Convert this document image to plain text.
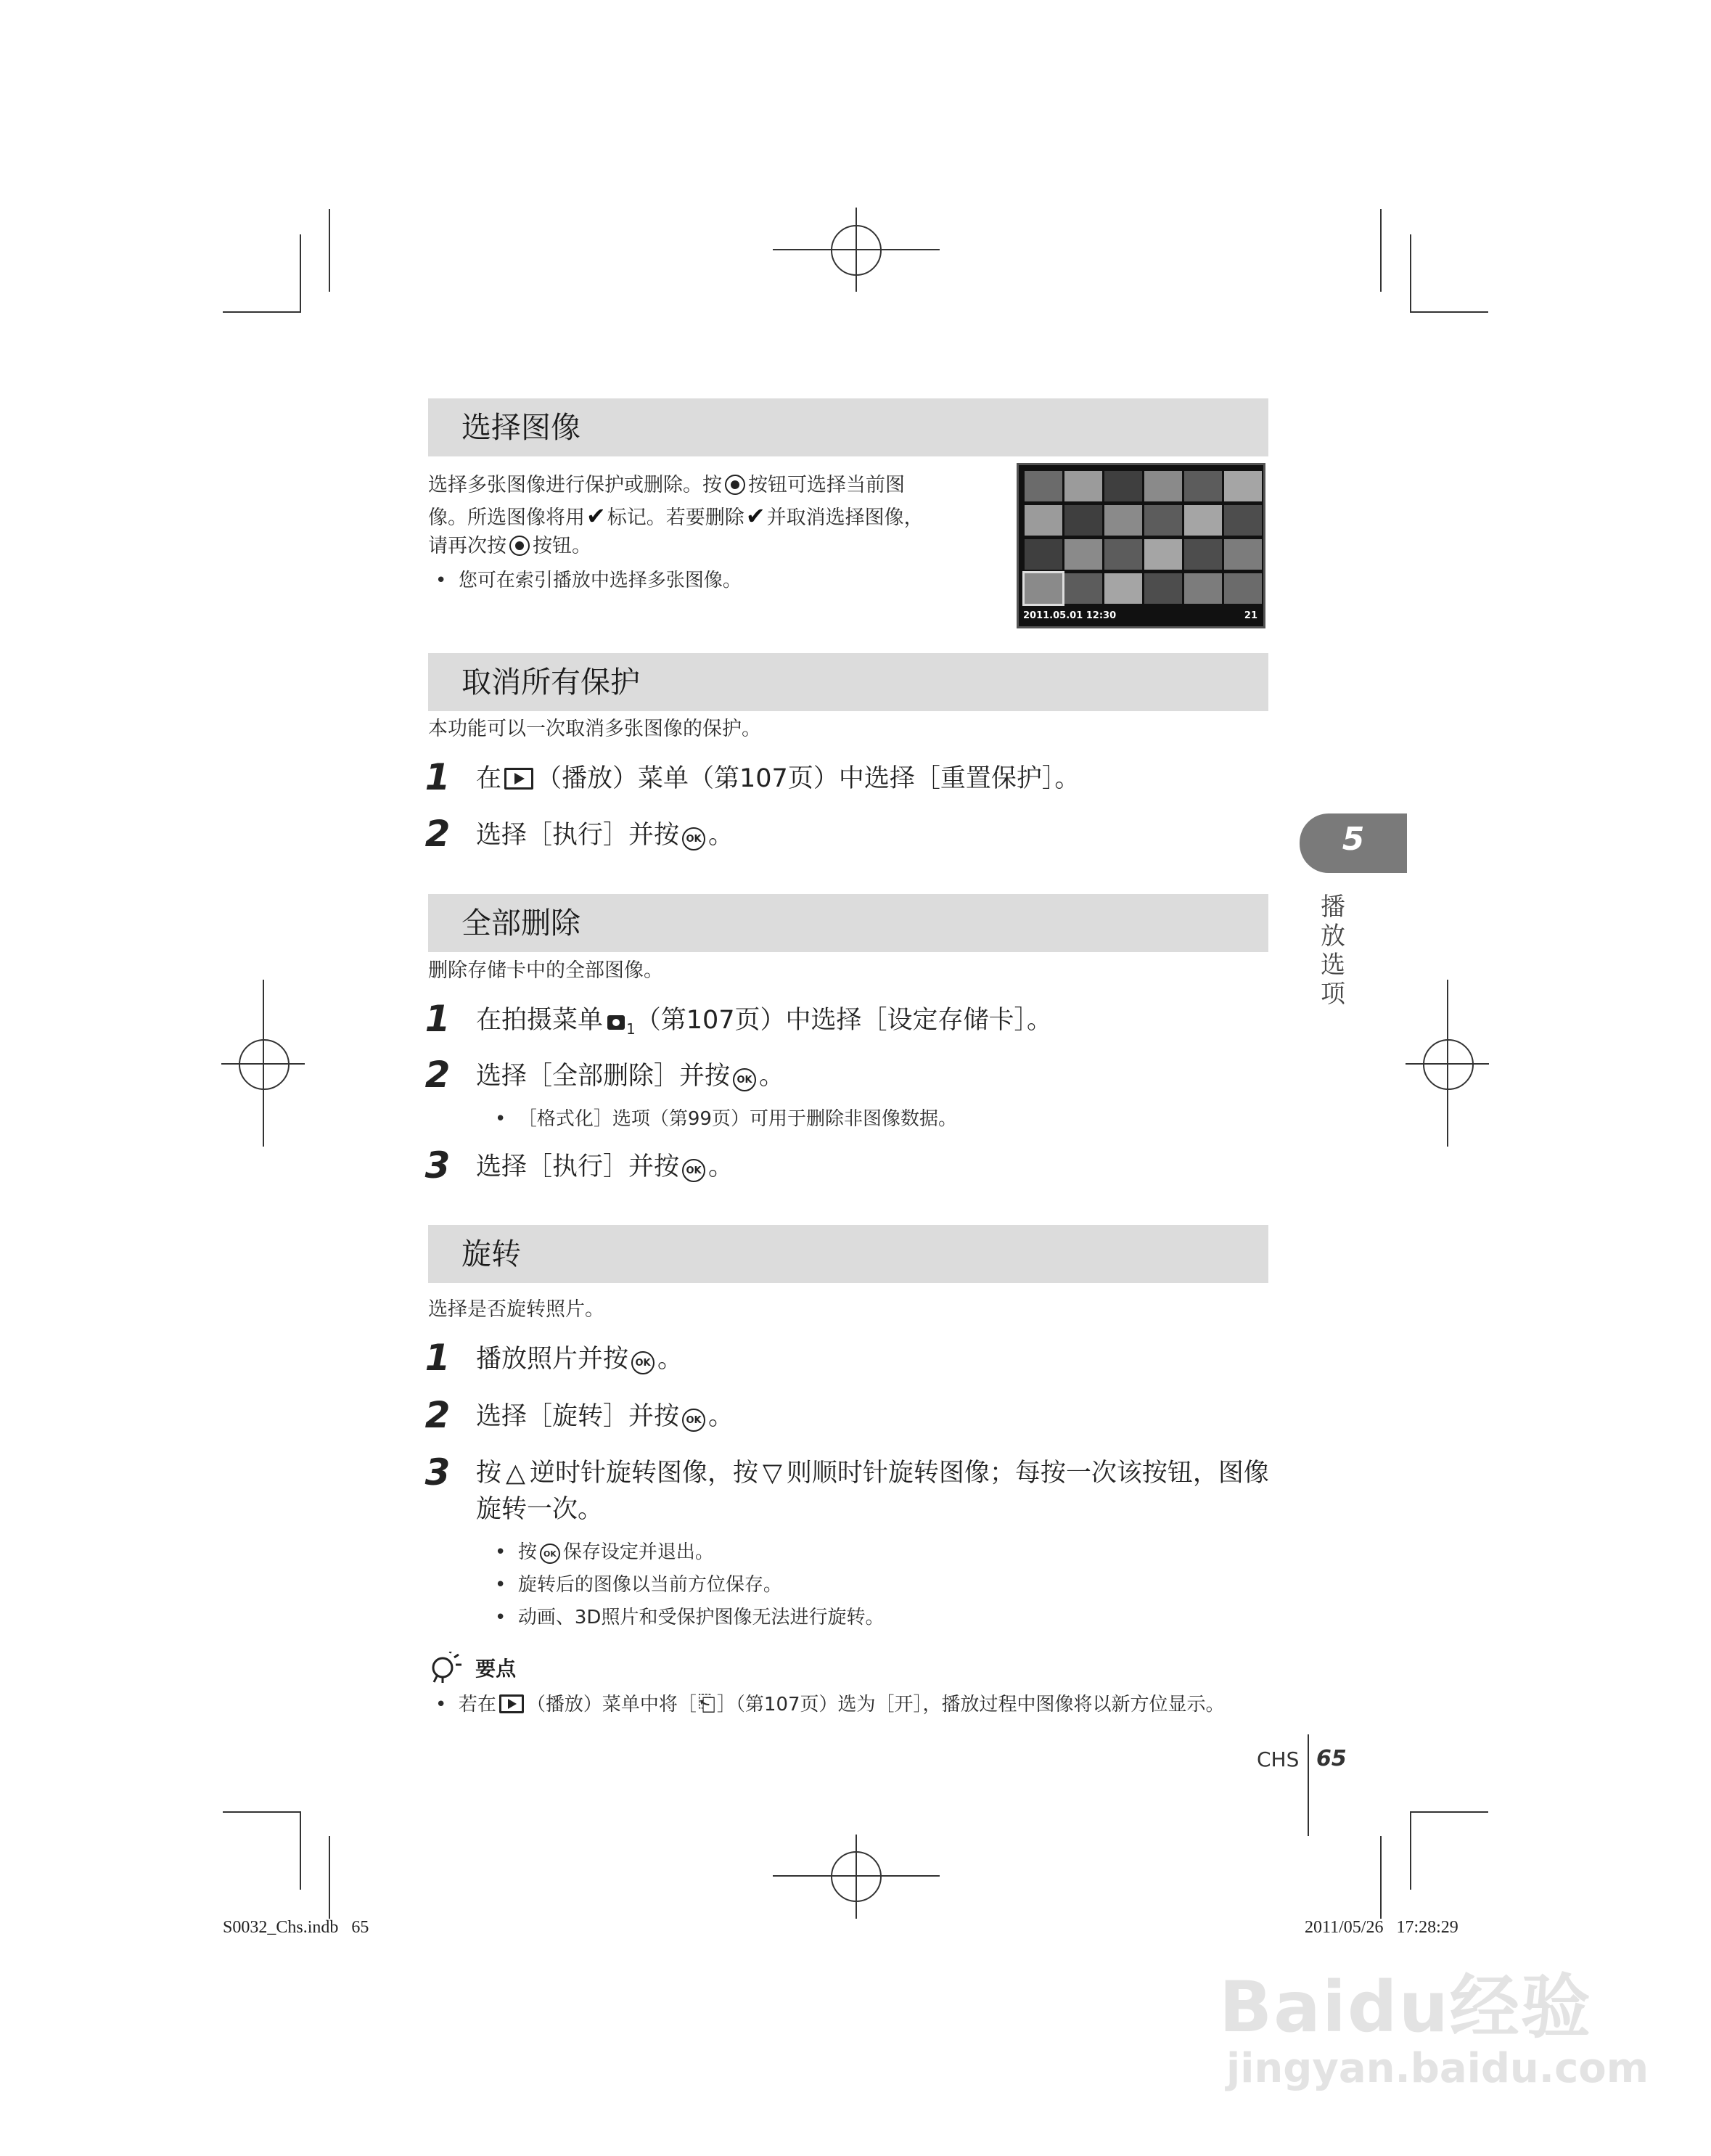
选择图像
选择多张图像进行保护或删除。按 按钮可选择当前图
像。所选图像将用✔标记。若要删除✔并取消选择图像，
请再次按 按钮。
•  您可在索引播放中选择多张图像。
2011.05.01 12:30	21
取消所有保护
本功能可以一次取消多张图像的保护。
1 在 （播放）菜单（第107页）中选择［重置保护］。
2 选择［执行］并按 OK 。
全部删除
删除存储卡中的全部图像。
1 在拍摄菜单 $_1$（第107页）中选择［设定存储卡］。
2 选择［全部删除］并按 OK 。
•  ［格式化］选项（第99页）可用于删除非图像数据。
3 选择［执行］并按 OK 。
旋转
选择是否旋转照片。
1 播放照片并按 OK 。
2 选择［旋转］并按 OK 。
3 按 △ 逆时针旋转图像，按 ▽ 则顺时针旋转图像；每按一次该按钮，图像旋转一次。
•  按 OK 保存设定并退出。
•  旋转后的图像以当前方位保存。
•  动画、3D照片和受保护图像无法进行旋转。
要点
•  若在 （播放）菜单中将［⎗］（第107页）选为［开］，播放过程中图像将以新方位显示。
5
播放选项
CHS 65
S0032_Chs.indb   65	2011/05/26   17:28:29
Baidu经验
jingyan.baidu.com
